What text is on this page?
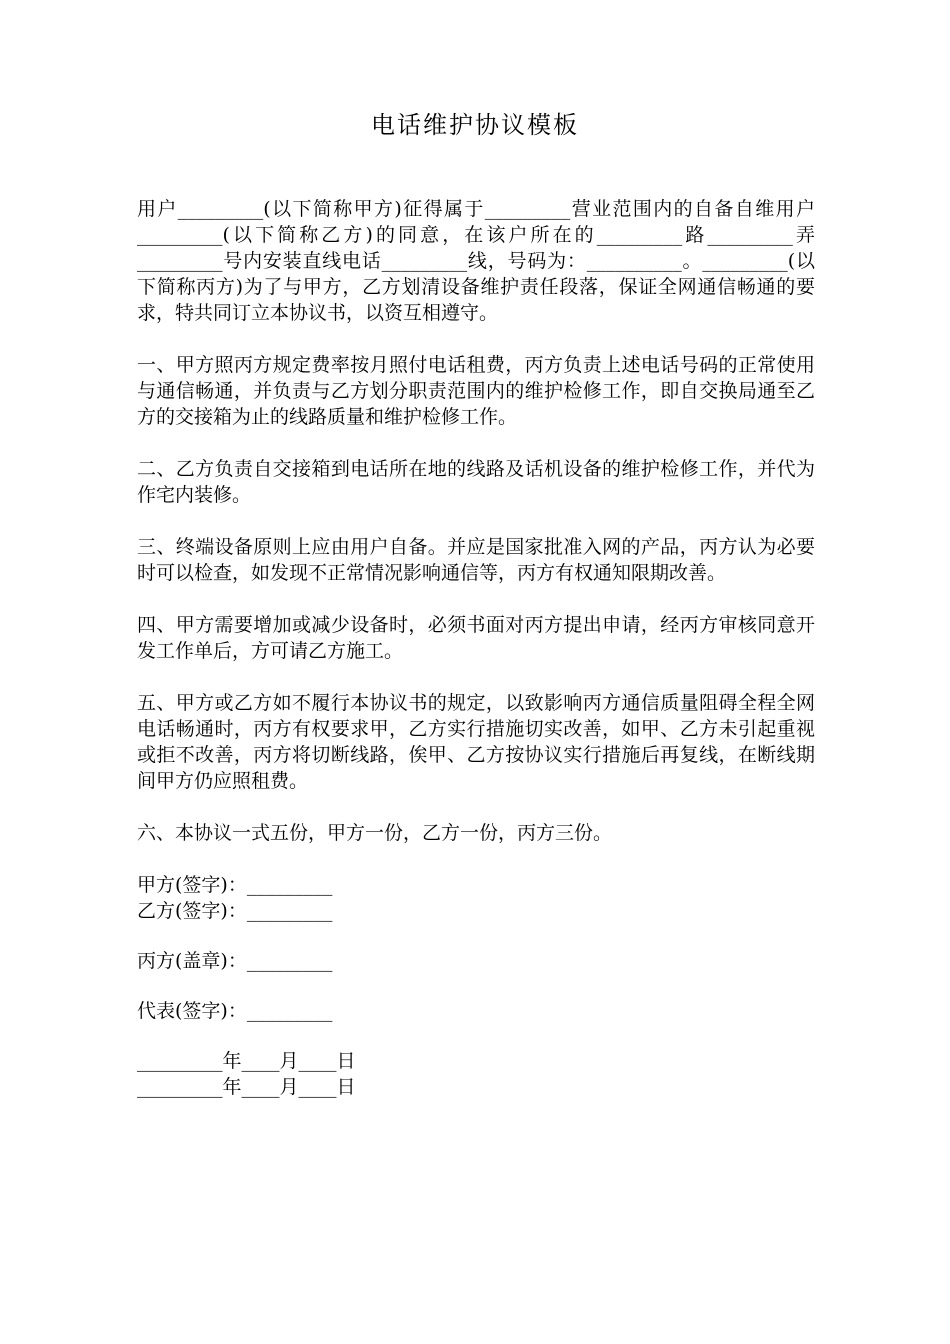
电话维护协议模板

用户_________(以下简称甲方)征得属于_________营业范围内的自备自维用户_________(以下简称乙方)的同意，在该户所在的_________路_________弄_________号内安装直线电话_________线，号码为：__________。_________(以下简称丙方)为了与甲方，乙方划清设备维护责任段落，保证全网通信畅通的要求，特共同订立本协议书，以资互相遵守。

一、甲方照丙方规定费率按月照付电话租费，丙方负责上述电话号码的正常使用与通信畅通，并负责与乙方划分职责范围内的维护检修工作，即自交换局通至乙方的交接箱为止的线路质量和维护检修工作。

二、乙方负责自交接箱到电话所在地的线路及话机设备的维护检修工作，并代为作宅内装修。

三、终端设备原则上应由用户自备。并应是国家批准入网的产品，丙方认为必要时可以检查，如发现不正常情况影响通信等，丙方有权通知限期改善。

四、甲方需要增加或减少设备时，必须书面对丙方提出申请，经丙方审核同意开发工作单后，方可请乙方施工。

五、甲方或乙方如不履行本协议书的规定，以致影响丙方通信质量阻碍全程全网电话畅通时，丙方有权要求甲，乙方实行措施切实改善，如甲、乙方未引起重视或拒不改善，丙方将切断线路，俟甲、乙方按协议实行措施后再复线，在断线期间甲方仍应照租费。

六、本协议一式五份，甲方一份，乙方一份，丙方三份。

甲方(签字)：_________
乙方(签字)：_________
丙方(盖章)：_________
代表(签字)：_________
_________年____月____日
_________年____月____日
